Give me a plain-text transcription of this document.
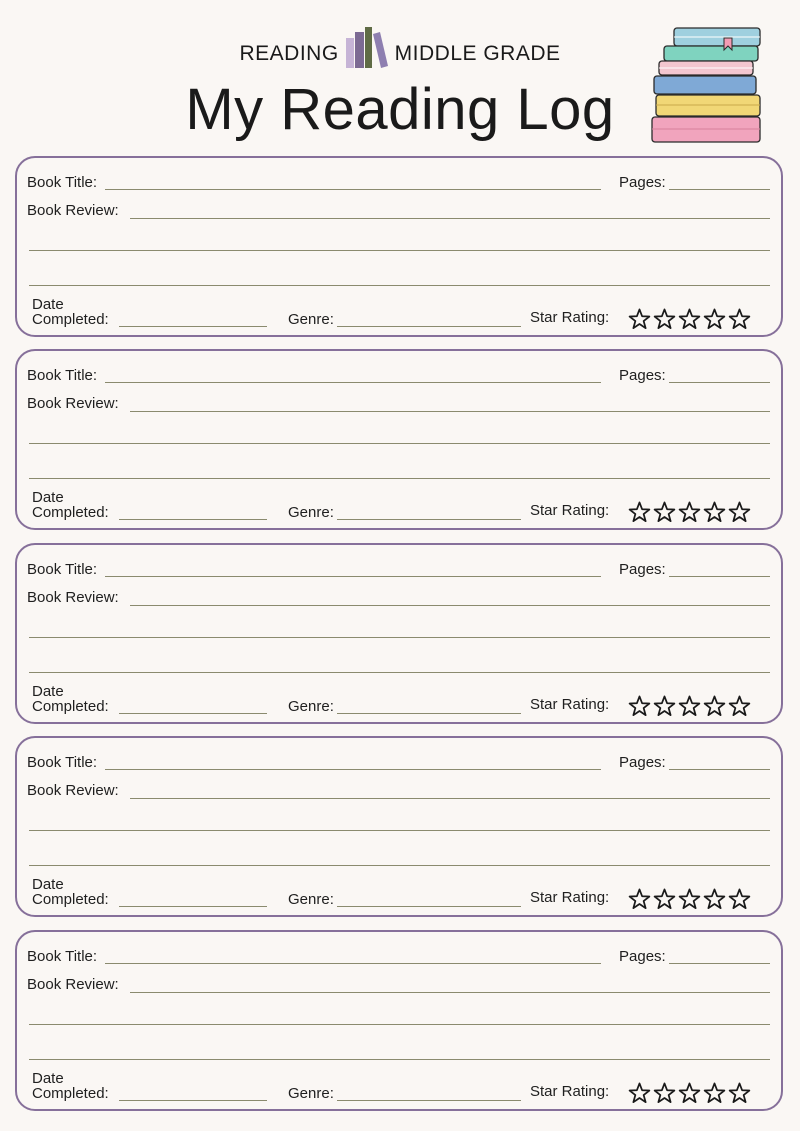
READING	MIDDLE GRADE
My Reading Log
Book Title:	Pages:
Book Review:
Date
Completed:	Genre:	Star Rating:
Book Title:	Pages:
Book Review:
Date
Completed:	Genre:	Star Rating:
Book Title:	Pages:
Book Review:
Date
Completed:	Genre:	Star Rating:
Book Title:	Pages:
Book Review:
Date
Completed:	Genre:	Star Rating:
Book Title:	Pages:
Book Review:
Date
Completed:	Genre:	Star Rating:
